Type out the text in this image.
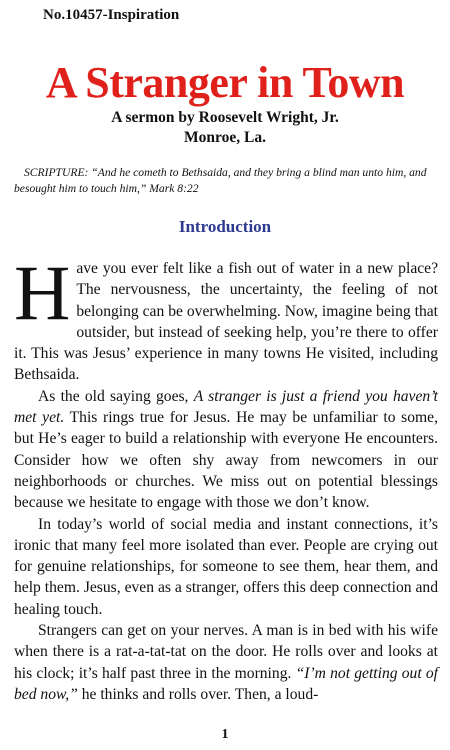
No.10457-Inspiration
A Stranger in Town
A sermon by Roosevelt Wright, Jr.
Monroe, La.
SCRIPTURE: “And he cometh to Bethsaida, and they bring a blind man unto him, and besought him to touch him,” Mark 8:22
Introduction

Have you ever felt like a fish out of water in a new place? The nervousness, the uncertainty, the feeling of not belonging can be overwhelming. Now, imagine being that outsider, but instead of seeking help, you’re there to offer it. This was Jesus’ experience in many towns He visited, including Bethsaida.

As the old saying goes, A stranger is just a friend you haven’t met yet. This rings true for Jesus. He may be unfamiliar to some, but He’s eager to build a relationship with everyone He encounters. Consider how we often shy away from newcomers in our neighborhoods or churches. We miss out on potential blessings because we hesitate to engage with those we don’t know.

In today’s world of social media and instant connections, it’s ironic that many feel more isolated than ever. People are crying out for genuine relationships, for someone to see them, hear them, and help them. Jesus, even as a stranger, offers this deep connection and healing touch.

Strangers can get on your nerves. A man is in bed with his wife when there is a rat-a-tat-tat on the door. He rolls over and looks at his clock; it’s half past three in the morning. “I’m not getting out of bed now,” he thinks and rolls over. Then, a loud-

1
